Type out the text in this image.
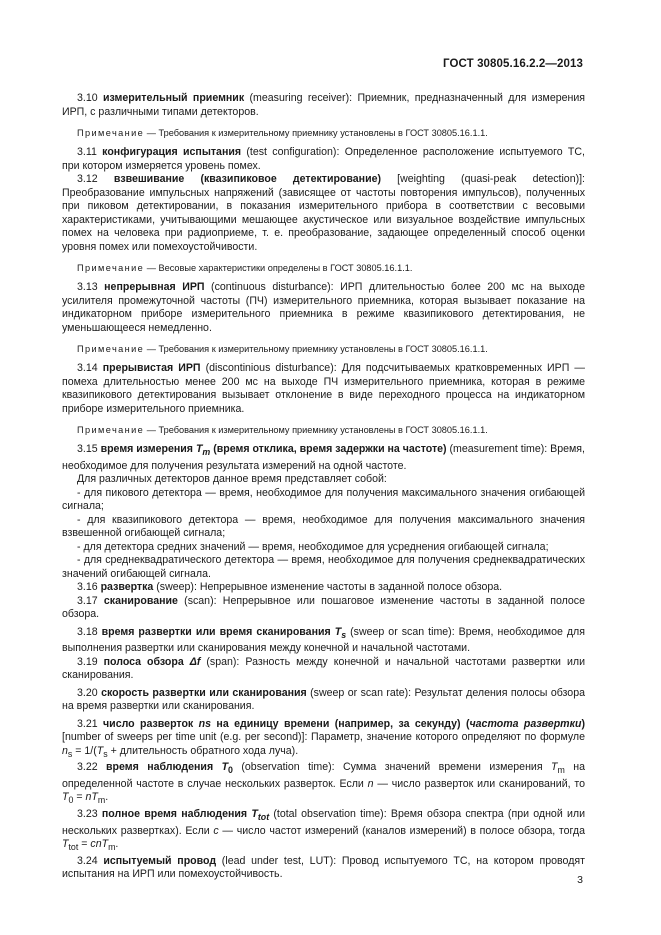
ГОСТ 30805.16.2.2—2013

3.10 измерительный приемник (measuring receiver): Приемник, предназначенный для измерения ИРП, с различными типами детекторов.

Примечание — Требования к измерительному приемнику установлены в ГОСТ 30805.16.1.1.

3.11 конфигурация испытания (test configuration): Определенное расположение испытуемого ТС, при котором измеряется уровень помех.

3.12 взвешивание (квазипиковое детектирование) [weighting (quasi-peak detection)]: Преобразование импульсных напряжений (зависящее от частоты повторения импульсов), полученных при пиковом детектировании, в показания измерительного прибора в соответствии с весовыми характеристиками, учитывающими мешающее акустическое или визуальное воздействие импульсных помех на человека при радиоприеме, т. е. преобразование, задающее определенный способ оценки уровня помех или помехоустойчивости.

Примечание — Весовые характеристики определены в ГОСТ 30805.16.1.1.

3.13 непрерывная ИРП (continuous disturbance): ИРП длительностью более 200 мс на выходе усилителя промежуточной частоты (ПЧ) измерительного приемника, которая вызывает показание на индикаторном приборе измерительного приемника в режиме квазипикового детектирования, не уменьшающееся немедленно.

Примечание — Требования к измерительному приемнику установлены в ГОСТ 30805.16.1.1.

3.14 прерывистая ИРП (discontinious disturbance): Для подсчитываемых кратковременных ИРП — помеха длительностью менее 200 мс на выходе ПЧ измерительного приемника, которая в режиме квазипикового детектирования вызывает отклонение в виде переходного процесса на индикаторном приборе измерительного приемника.

Примечание — Требования к измерительному приемнику установлены в ГОСТ 30805.16.1.1.

3.15 время измерения $T_m$ (время отклика, время задержки на частоте) (measurement time): Время, необходимое для получения результата измерений на одной частоте.

Для различных детекторов данное время представляет собой:

- для пикового детектора — время, необходимое для получения максимального значения огибающей сигнала;

- для квазипикового детектора — время, необходимое для получения максимального значения взвешенной огибающей сигнала;

- для детектора средних значений — время, необходимое для усреднения огибающей сигнала;

- для среднеквадратического детектора — время, необходимое для получения среднеквадратических значений огибающей сигнала.

3.16 развертка (sweep): Непрерывное изменение частоты в заданной полосе обзора.

3.17 сканирование (scan): Непрерывное или пошаговое изменение частоты в заданной полосе обзора.

3.18 время развертки или время сканирования $T_s$ (sweep or scan time): Время, необходимое для выполнения развертки или сканирования между конечной и начальной частотами.

3.19 полоса обзора Δf (span): Разность между конечной и начальной частотами развертки или сканирования.

3.20 скорость развертки или сканирования (sweep or scan rate): Результат деления полосы обзора на время развертки или сканирования.

3.21 число разверток ns на единицу времени (например, за секунду) (частота развертки) [number of sweeps per time unit (e.g. per second)]: Параметр, значение которого определяют по формуле $n_s = 1/(T_s$ + длительность обратного хода луча).

3.22 время наблюдения $T_0$ (observation time): Сумма значений времени измерения $T_m$ на определенной частоте в случае нескольких разверток. Если n — число разверток или сканирований, то $T_0 = nT_m$.

3.23 полное время наблюдения $T_{tot}$ (total observation time): Время обзора спектра (при одной или нескольких развертках). Если c — число частот измерений (каналов измерений) в полосе обзора, тогда $T_{tot} = cnT_m$.

3.24 испытуемый провод (lead under test, LUT): Провод испытуемого ТС, на котором проводят испытания на ИРП или помехоустойчивость.	3
